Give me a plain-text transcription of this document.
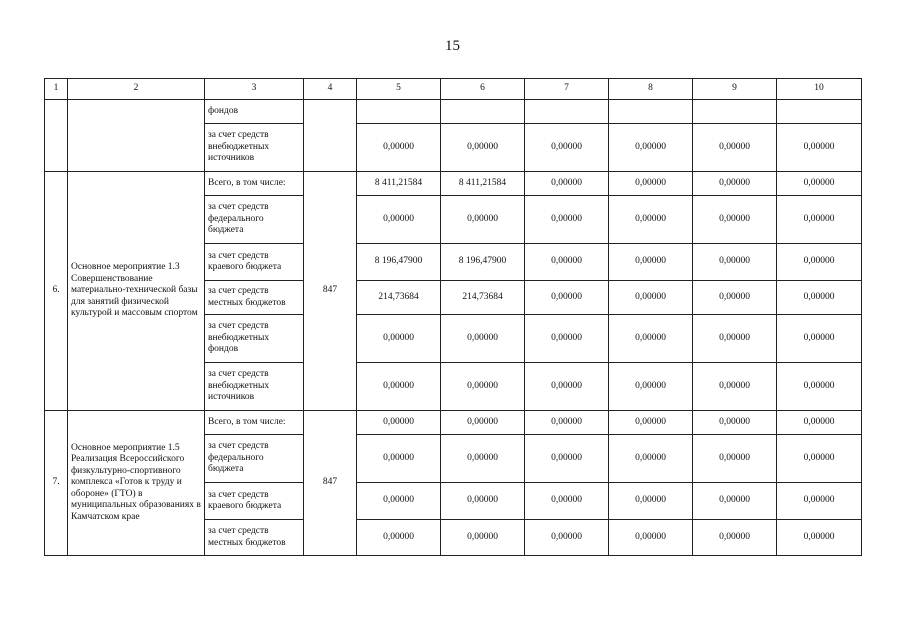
15
1	2	3	4	5	6	7	8	9	10
		фондов							
		за счет средств внебюджетных источников		0,00000	0,00000	0,00000	0,00000	0,00000	0,00000
6.	Основное мероприятие 1.3 Совершенствование материально-технической базы для занятий физической культурой и массовым спортом	Всего, в том числе:	847	8 411,21584	8 411,21584	0,00000	0,00000	0,00000	0,00000
		за счет средств федерального бюджета		0,00000	0,00000	0,00000	0,00000	0,00000	0,00000
		за счет средств краевого бюджета		8 196,47900	8 196,47900	0,00000	0,00000	0,00000	0,00000
		за счет средств местных бюджетов		214,73684	214,73684	0,00000	0,00000	0,00000	0,00000
		за счет средств внебюджетных фондов		0,00000	0,00000	0,00000	0,00000	0,00000	0,00000
		за счет средств внебюджетных источников		0,00000	0,00000	0,00000	0,00000	0,00000	0,00000
7.	Основное мероприятие 1.5 Реализация Всероссийского физкультурно-спортивного комплекса «Готов к труду и обороне» (ГТО) в муниципальных образованиях в Камчатском крае	Всего, в том числе:	847	0,00000	0,00000	0,00000	0,00000	0,00000	0,00000
		за счет средств федерального бюджета		0,00000	0,00000	0,00000	0,00000	0,00000	0,00000
		за счет средств краевого бюджета		0,00000	0,00000	0,00000	0,00000	0,00000	0,00000
		за счет средств местных бюджетов		0,00000	0,00000	0,00000	0,00000	0,00000	0,00000
